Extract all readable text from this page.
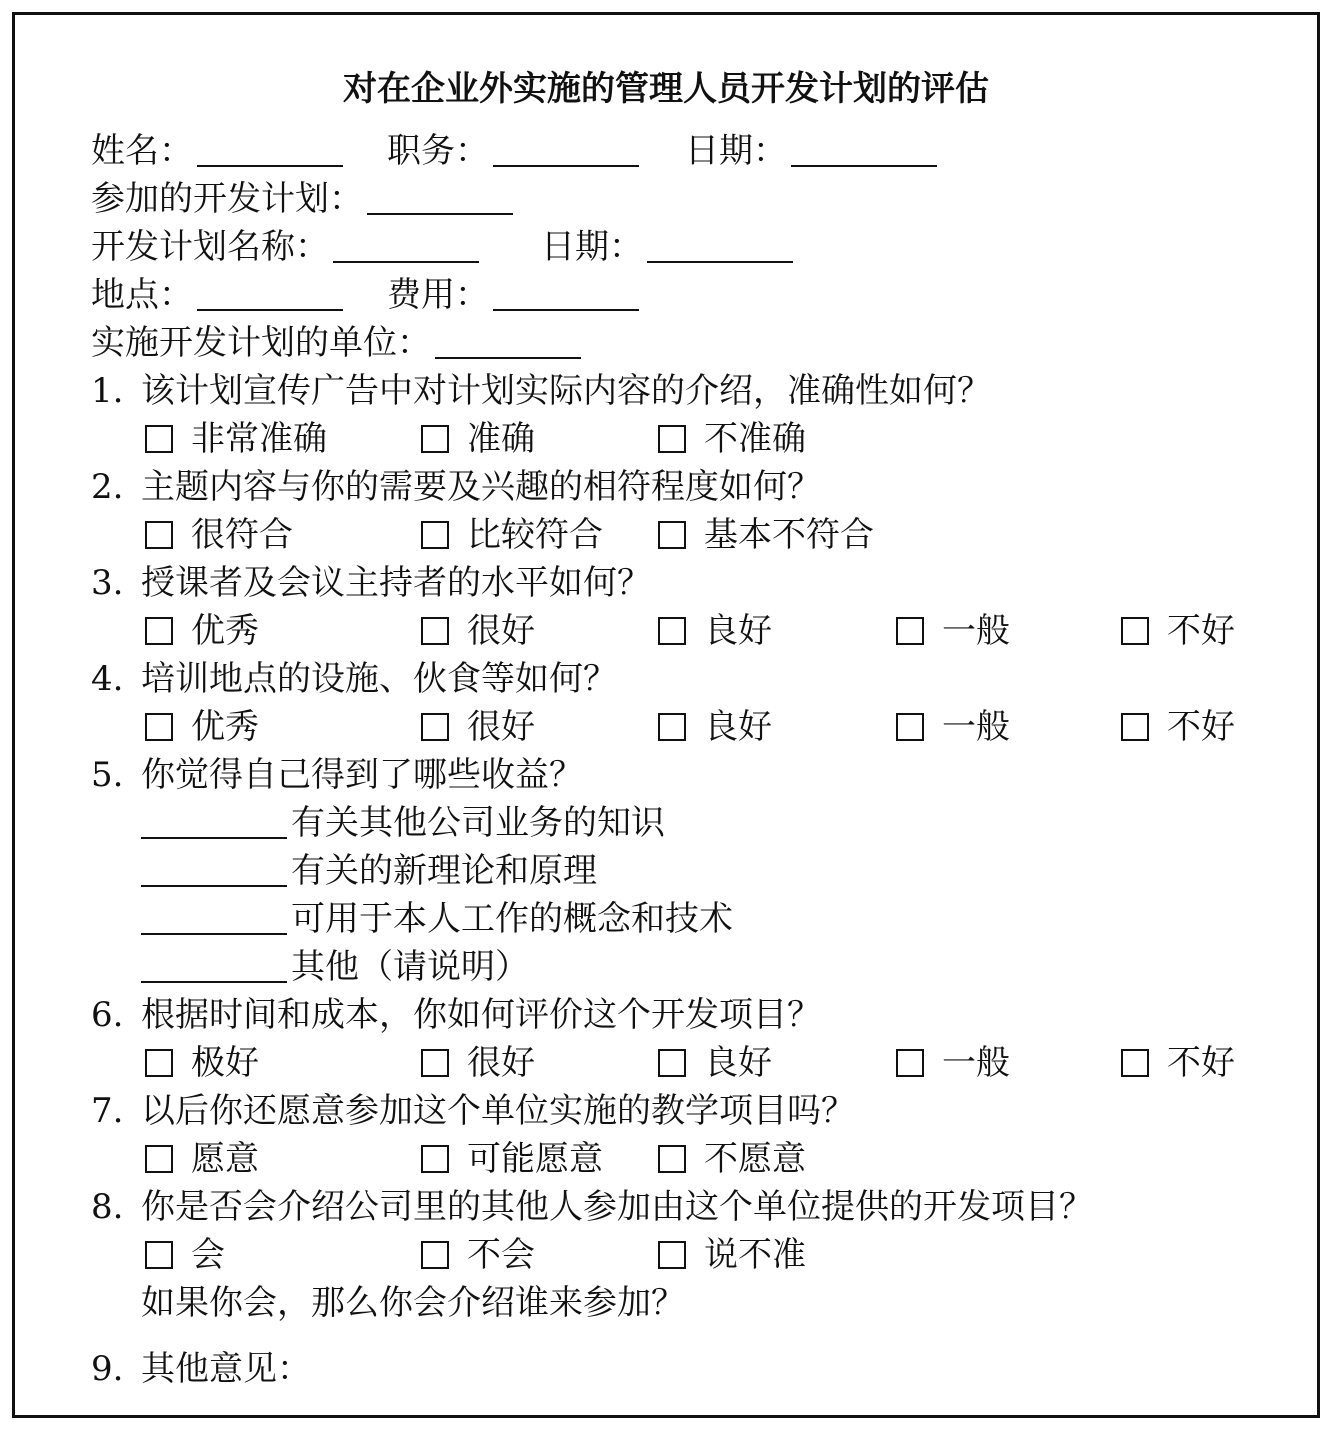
对在企业外实施的管理人员开发计划的评估
姓名：	职务：	日期：
参加的开发计划：
开发计划名称：	日期：
地点：	费用：
实施开发计划的单位：
1. 该计划宣传广告中对计划实际内容的介绍，准确性如何？
非常准确	准确	不准确
2. 主题内容与你的需要及兴趣的相符程度如何？
很符合	比较符合	基本不符合
3. 授课者及会议主持者的水平如何？
优秀	很好	良好	一般	不好
4. 培训地点的设施、伙食等如何？
优秀	很好	良好	一般	不好
5. 你觉得自己得到了哪些收益？
有关其他公司业务的知识
有关的新理论和原理
可用于本人工作的概念和技术
其他（请说明）
6. 根据时间和成本，你如何评价这个开发项目？
极好	很好	良好	一般	不好
7. 以后你还愿意参加这个单位实施的教学项目吗？
愿意	可能愿意	不愿意
8. 你是否会介绍公司里的其他人参加由这个单位提供的开发项目？
会	不会	说不准
如果你会，那么你会介绍谁来参加？
9. 其他意见：
